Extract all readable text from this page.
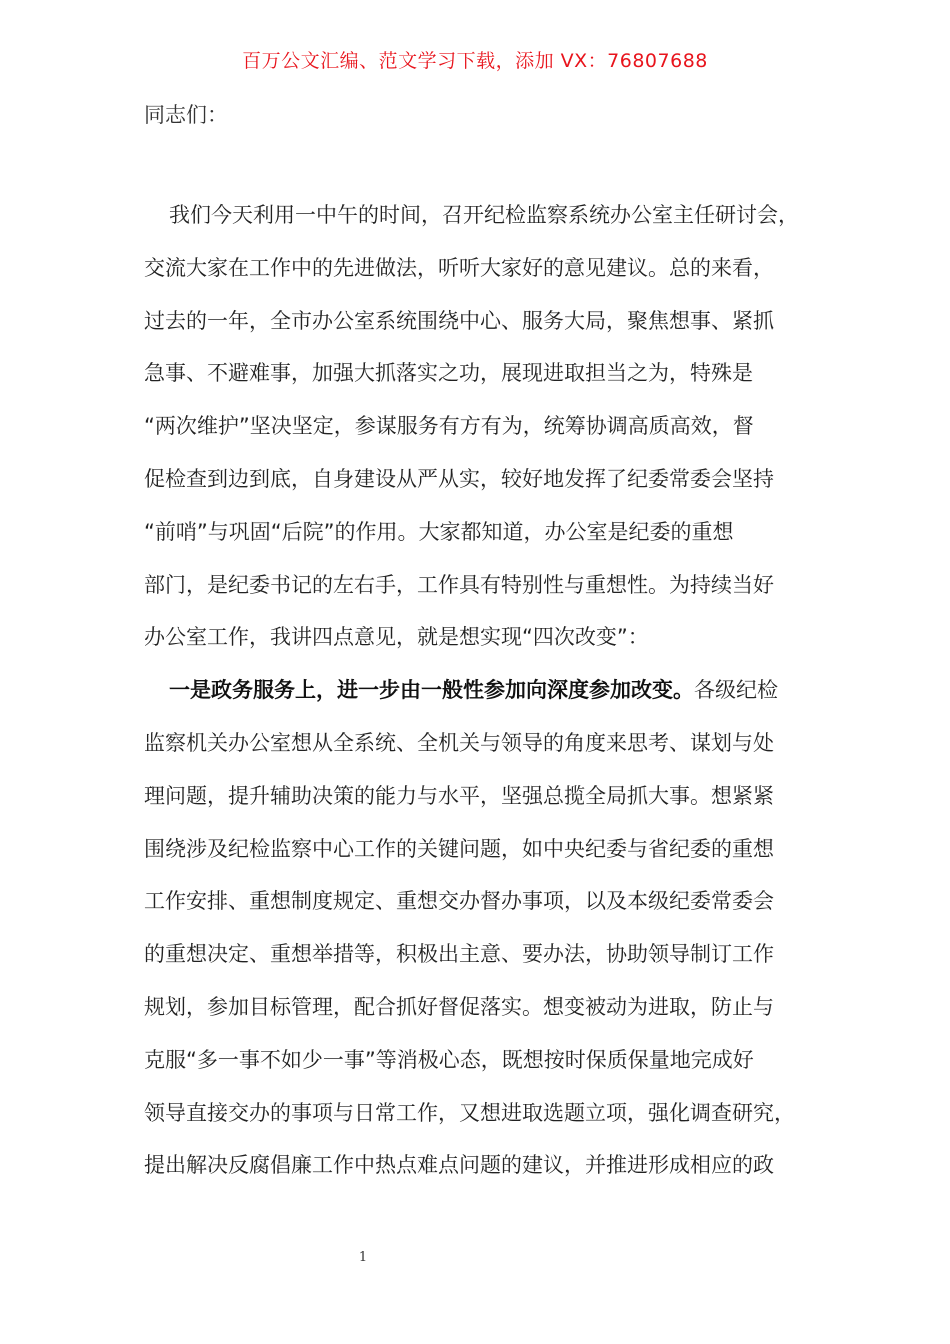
百万公文汇编、范文学习下载，添加 VX：76807688
同志们：

我们今天利用一中午的时间，召开纪检监察系统办公室主任研讨会，
交流大家在工作中的先进做法，听听大家好的意见建议。总的来看，
过去的一年，全市办公室系统围绕中心、服务大局，聚焦想事、紧抓
急事、不避难事，加强大抓落实之功，展现进取担当之为，特殊是
“两次维护”坚决坚定，参谋服务有方有为，统筹协调高质高效，督
促检查到边到底，自身建设从严从实，较好地发挥了纪委常委会坚持
“前哨”与巩固“后院”的作用。大家都知道，办公室是纪委的重想
部门，是纪委书记的左右手，工作具有特别性与重想性。为持续当好
办公室工作，我讲四点意见，就是想实现“四次改变”：

一是政务服务上，进一步由一般性参加向深度参加改变。各级纪检
监察机关办公室想从全系统、全机关与领导的角度来思考、谋划与处
理问题，提升辅助决策的能力与水平，坚强总揽全局抓大事。想紧紧
围绕涉及纪检监察中心工作的关键问题，如中央纪委与省纪委的重想
工作安排、重想制度规定、重想交办督办事项，以及本级纪委常委会
的重想决定、重想举措等，积极出主意、要办法，协助领导制订工作
规划，参加目标管理，配合抓好督促落实。想变被动为进取，防止与
克服“多一事不如少一事”等消极心态，既想按时保质保量地完成好
领导直接交办的事项与日常工作，又想进取选题立项，强化调查研究，
提出解决反腐倡廉工作中热点难点问题的建议，并推进形成相应的政

1
